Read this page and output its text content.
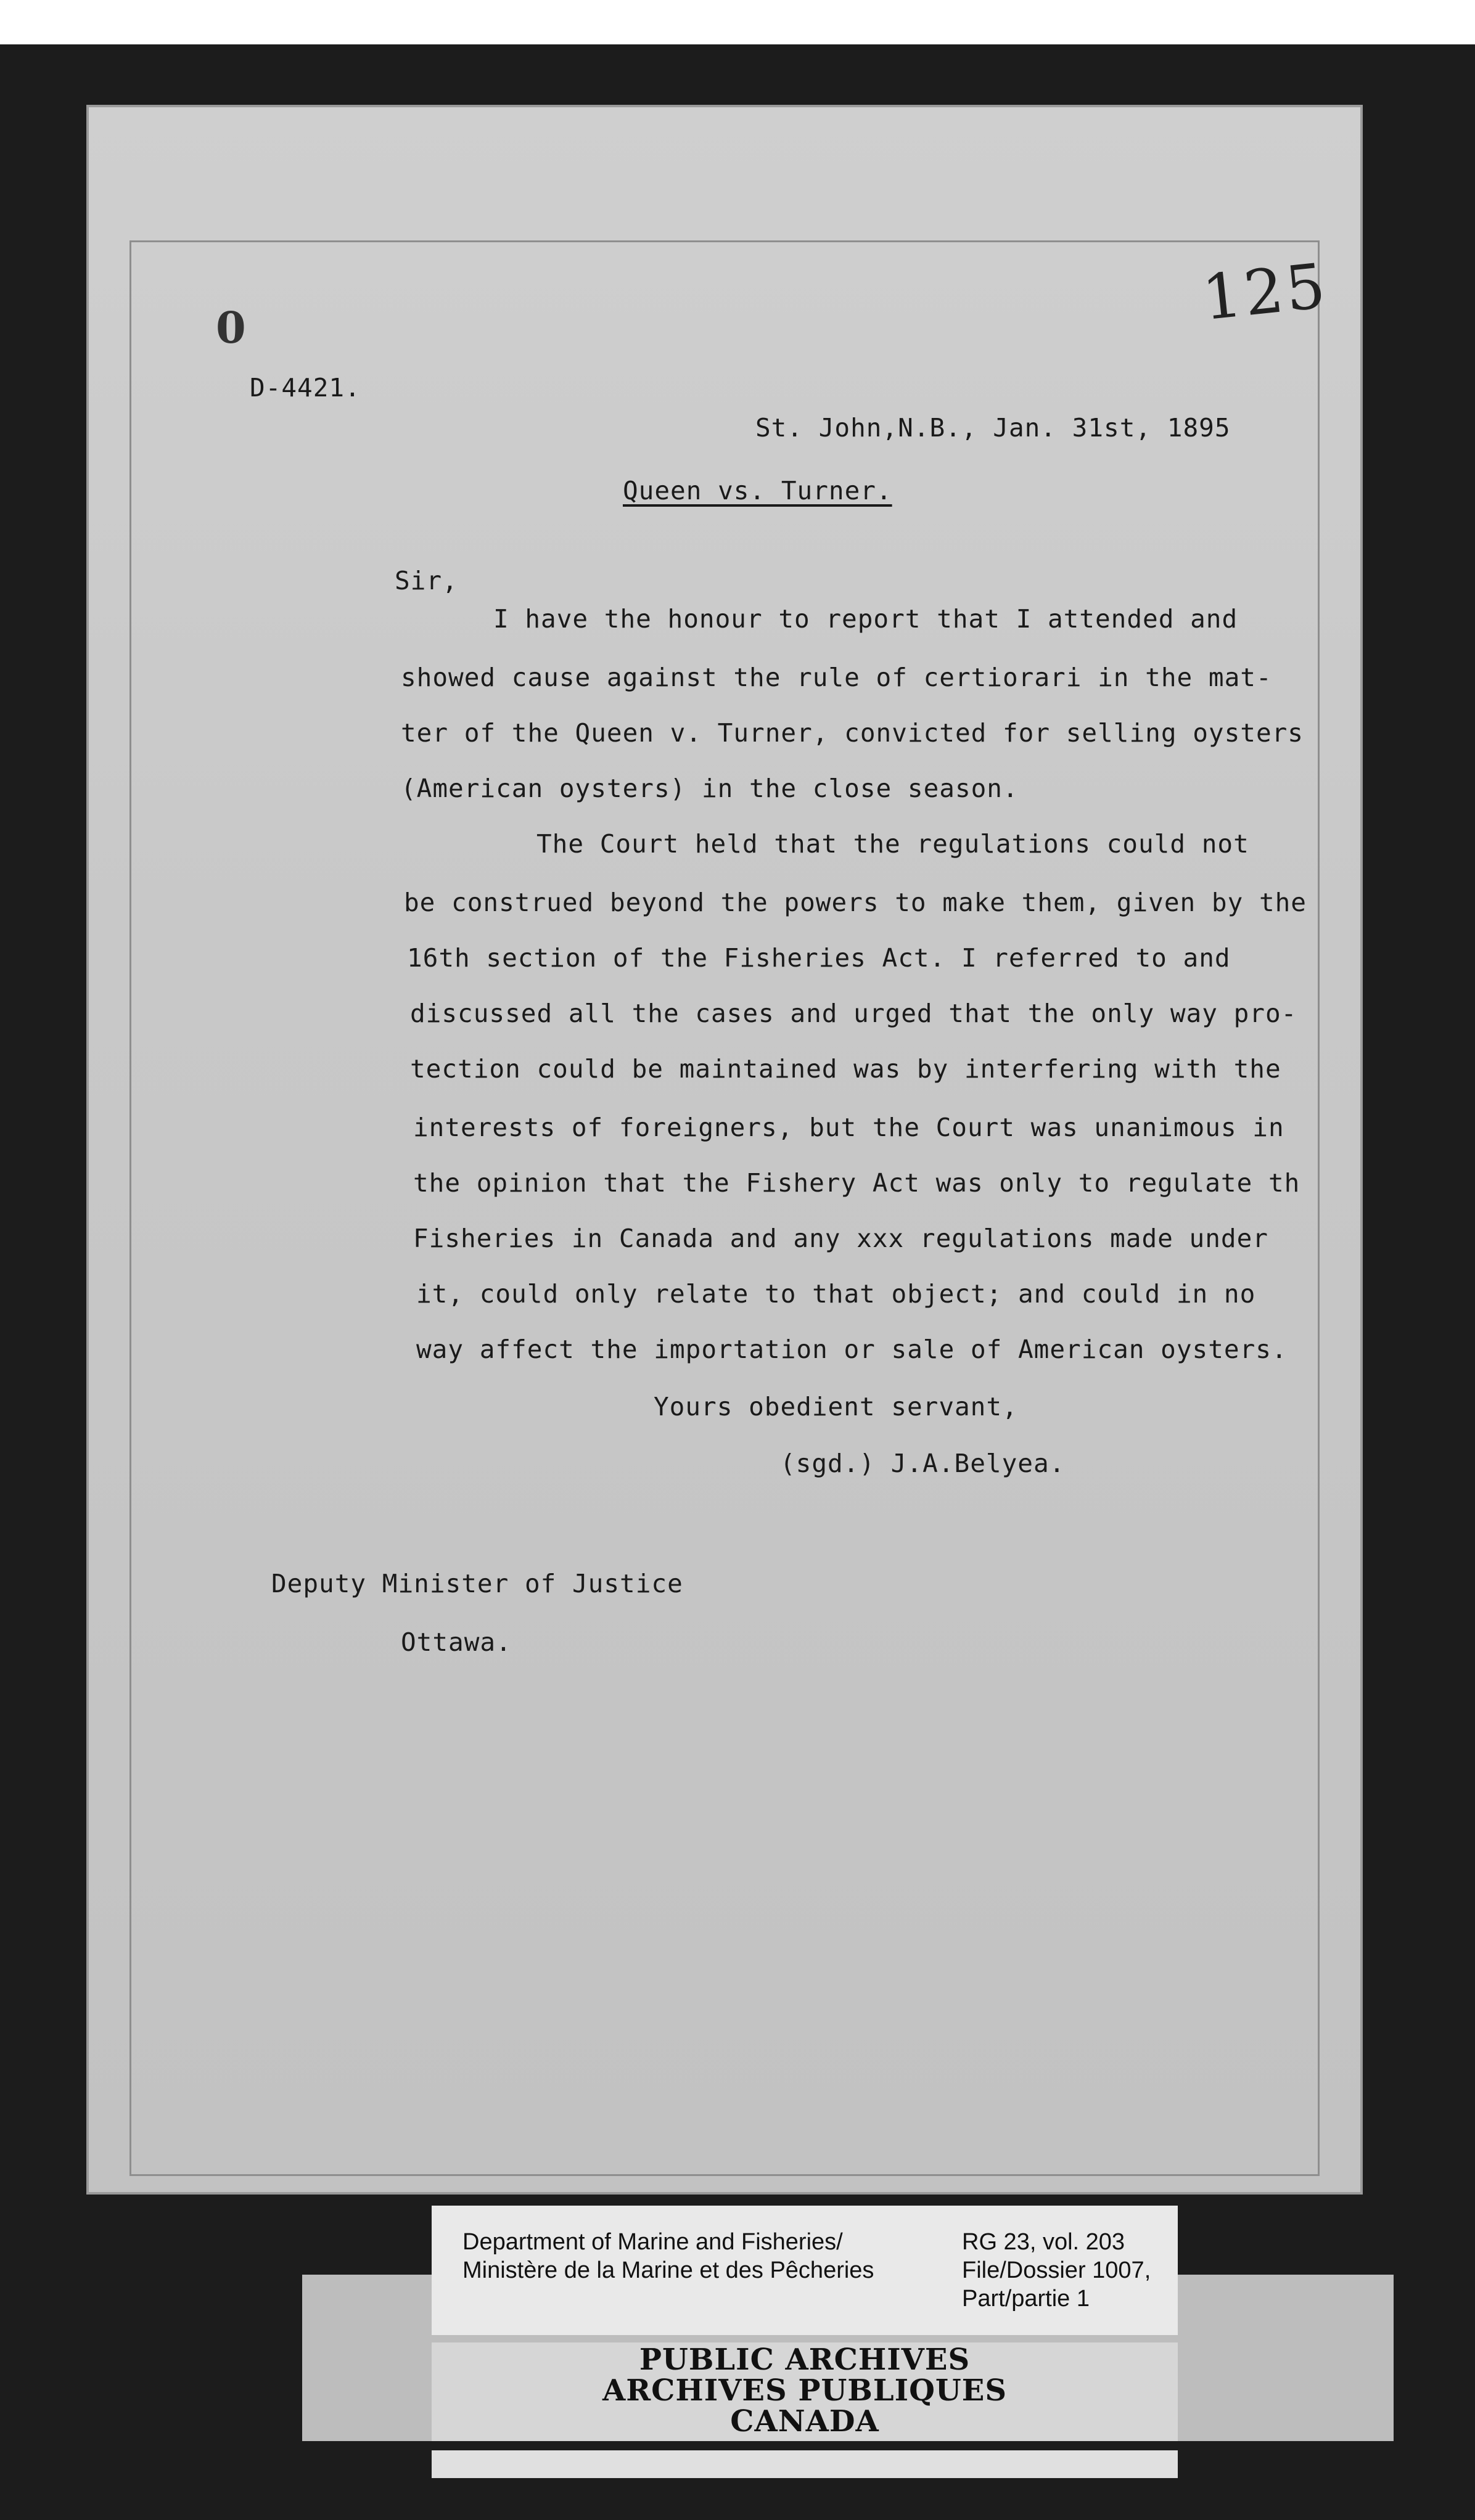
125
0
D-4421.
St. John,N.B., Jan. 31st, 1895
Queen vs. Turner.
Sir,
I have the honour to report that I attended and
showed cause against the rule of certiorari in the mat-
ter of the Queen v. Turner, convicted for selling oysters
(American oysters) in the close season.
The Court held that the regulations could not
be construed beyond the powers to make them, given by the
16th section of the Fisheries Act. I referred to and
discussed all the cases and urged that the only way pro-
tection could be maintained was by interfering with the
interests of foreigners, but the Court was unanimous in
the opinion that the Fishery Act was only to regulate th
Fisheries in Canada and any xxx regulations made under
it, could only relate to that object; and could in no
way affect the importation or sale of American oysters.
Yours obedient servant,
(sgd.) J.A.Belyea.
Deputy Minister of Justice
Ottawa.
Department of Marine and Fisheries/
Ministère de la Marine et des Pêcheries
RG 23, vol. 203
File/Dossier 1007,
Part/partie 1
PUBLIC ARCHIVES
ARCHIVES PUBLIQUES
CANADA
